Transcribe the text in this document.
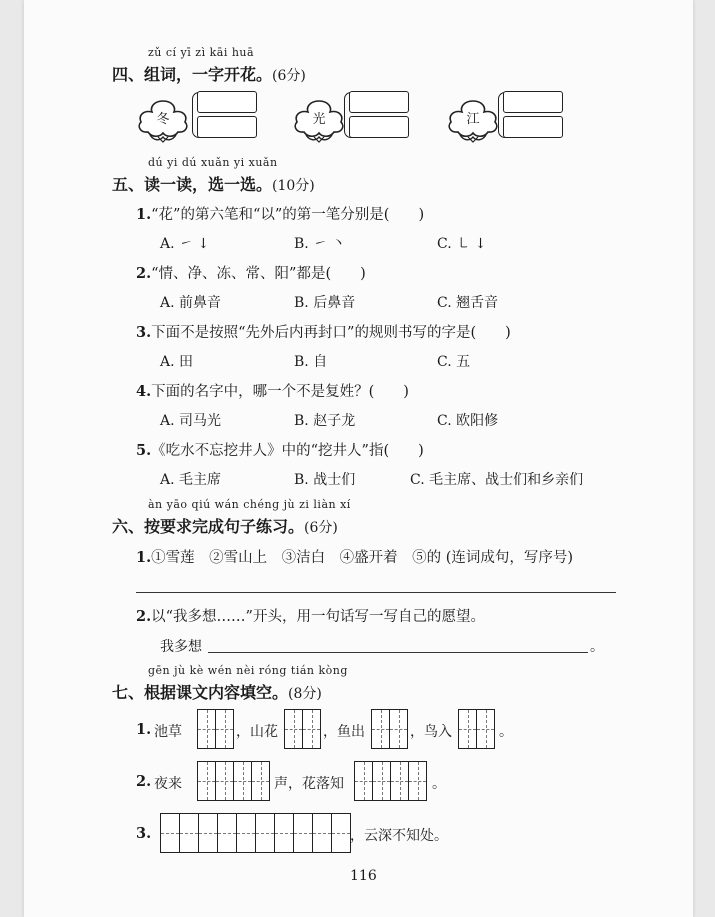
zǔ cí yī zì kāi huā
四、组词，一字开花。(6分)
冬	光	江
dú yi dú xuǎn yi xuǎn
五、读一读，选一选。(10分)
1.“花”的第六笔和“以”的第一笔分别是(　　)
A. ㇀ ↓	B. ㇀ 丶	C. ㇄ ↓
2.“情、净、冻、常、阳”都是(　　)
A. 前鼻音	B. 后鼻音	C. 翘舌音
3.下面不是按照“先外后内再封口”的规则书写的字是(　　)
A. 田	B. 自	C. 五
4.下面的名字中，哪一个不是复姓？(　　)
A. 司马光	B. 赵子龙	C. 欧阳修
5.《吃水不忘挖井人》中的“挖井人”指(　　)
A. 毛主席	B. 战士们	C. 毛主席、战士们和乡亲们
àn yāo qiú wán chéng jù zi liàn xí
六、按要求完成句子练习。(6分)
1.①雪莲　②雪山上　③洁白　④盛开着　⑤的 (连词成句，写序号)
2.以“我多想……”开头，用一句话写一写自己的愿望。
我多想	。
gēn jù kè wén nèi róng tián kòng
七、根据课文内容填空。(8分)
1. 池草	，山花	，鱼出	，鸟入	。
2. 夜来	声，花落知	。
3.	，云深不知处。
116
